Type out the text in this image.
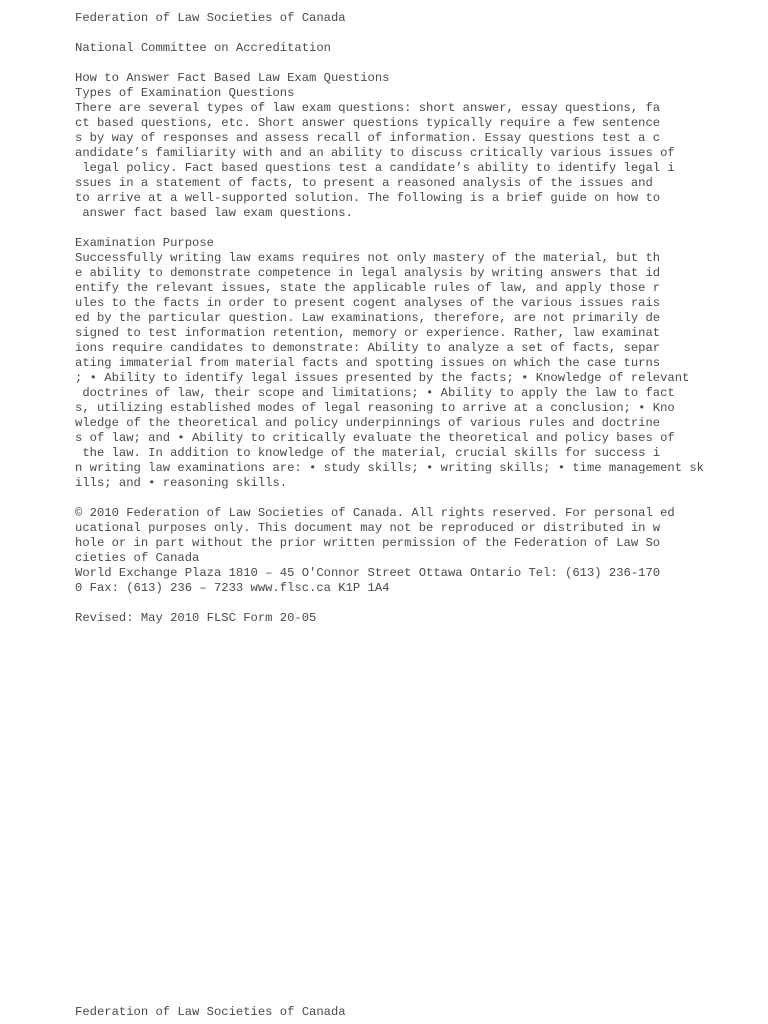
Federation of Law Societies of Canada
National Committee on Accreditation
How to Answer Fact Based Law Exam Questions
Types of Examination Questions
There are several types of law exam questions: short answer, essay questions, fa
ct based questions, etc. Short answer questions typically require a few sentence
s by way of responses and assess recall of information. Essay questions test a c
andidate’s familiarity with and an ability to discuss critically various issues of
legal policy. Fact based questions test a candidate’s ability to identify legal i
ssues in a statement of facts, to present a reasoned analysis of the issues and
to arrive at a well-supported solution. The following is a brief guide on how to
answer fact based law exam questions.
Examination Purpose
Successfully writing law exams requires not only mastery of the material, but th
e ability to demonstrate competence in legal analysis by writing answers that id
entify the relevant issues, state the applicable rules of law, and apply those r
ules to the facts in order to present cogent analyses of the various issues rais
ed by the particular question. Law examinations, therefore, are not primarily de
signed to test information retention, memory or experience. Rather, law examinat
ions require candidates to demonstrate: Ability to analyze a set of facts, separ
ating immaterial from material facts and spotting issues on which the case turns
; • Ability to identify legal issues presented by the facts; • Knowledge of relevant
doctrines of law, their scope and limitations; • Ability to apply the law to fact
s, utilizing established modes of legal reasoning to arrive at a conclusion; • Kno
wledge of the theoretical and policy underpinnings of various rules and doctrine
s of law; and • Ability to critically evaluate the theoretical and policy bases of
the law. In addition to knowledge of the material, crucial skills for success i
n writing law examinations are: • study skills; • writing skills; • time management sk
ills; and • reasoning skills.
© 2010 Federation of Law Societies of Canada. All rights reserved. For personal ed
ucational purposes only. This document may not be reproduced or distributed in w
hole or in part without the prior written permission of the Federation of Law So
cieties of Canada
World Exchange Plaza 1810 – 45 O'Connor Street Ottawa Ontario Tel: (613) 236-170
0 Fax: (613) 236 – 7233 www.flsc.ca K1P 1A4
Revised: May 2010 FLSC Form 20-05
Federation of Law Societies of Canada
